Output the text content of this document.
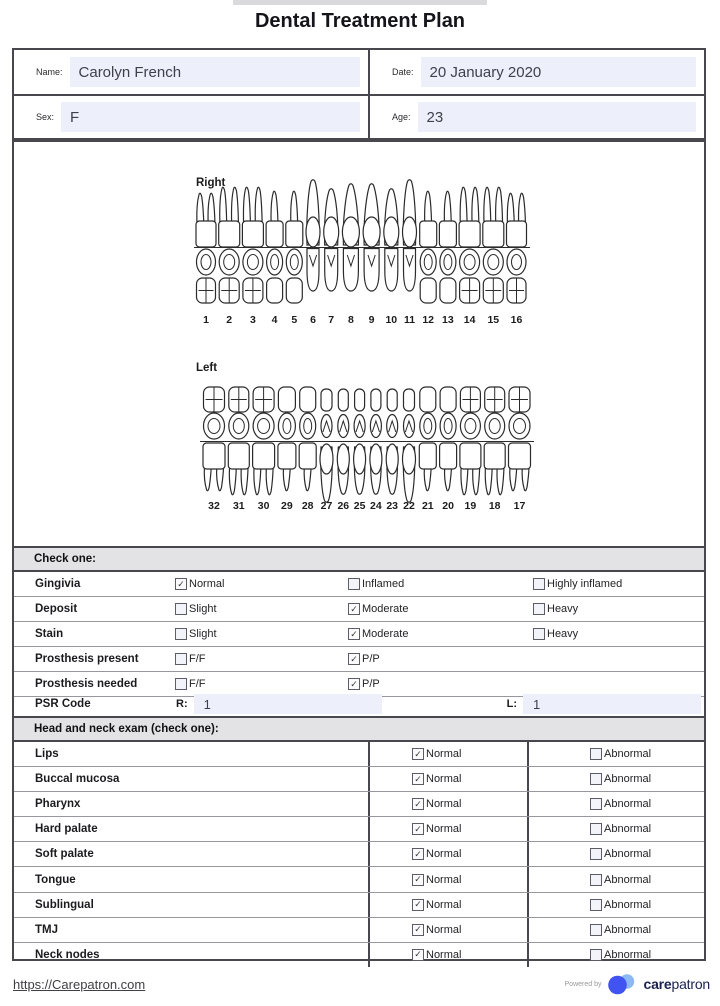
Dental Treatment Plan
Name:	Carolyn French	Date:	20 January 2020
Sex:	F	Age:	23
1 2 3 4 5 6 7 8 9 10 11 12 13 14 15 16
Right
32 31 30 29 28 27 26 25 24 23 22 21 20 19 18 17
Left
Check one:
Gingivia ✓	Normal	Inflamed	Highly inflamed
Deposit	Slight ✓	Moderate	Heavy
Stain	Slight ✓	Moderate	Heavy
Prosthesis present	F/F ✓	P/P
Prosthesis needed	F/F ✓	P/P
PSR Code	R:	1	L:	1
Head and neck exam (check one):
Lips ✓	Normal	Abnormal
Buccal mucosa ✓	Normal	Abnormal
Pharynx ✓	Normal	Abnormal
Hard palate ✓	Normal	Abnormal
Soft palate ✓	Normal	Abnormal
Tongue ✓	Normal	Abnormal
Sublingual ✓	Normal	Abnormal
TMJ ✓	Normal	Abnormal
Neck nodes ✓	Normal	Abnormal
https://Carepatron.com	Powered by	carepatron
